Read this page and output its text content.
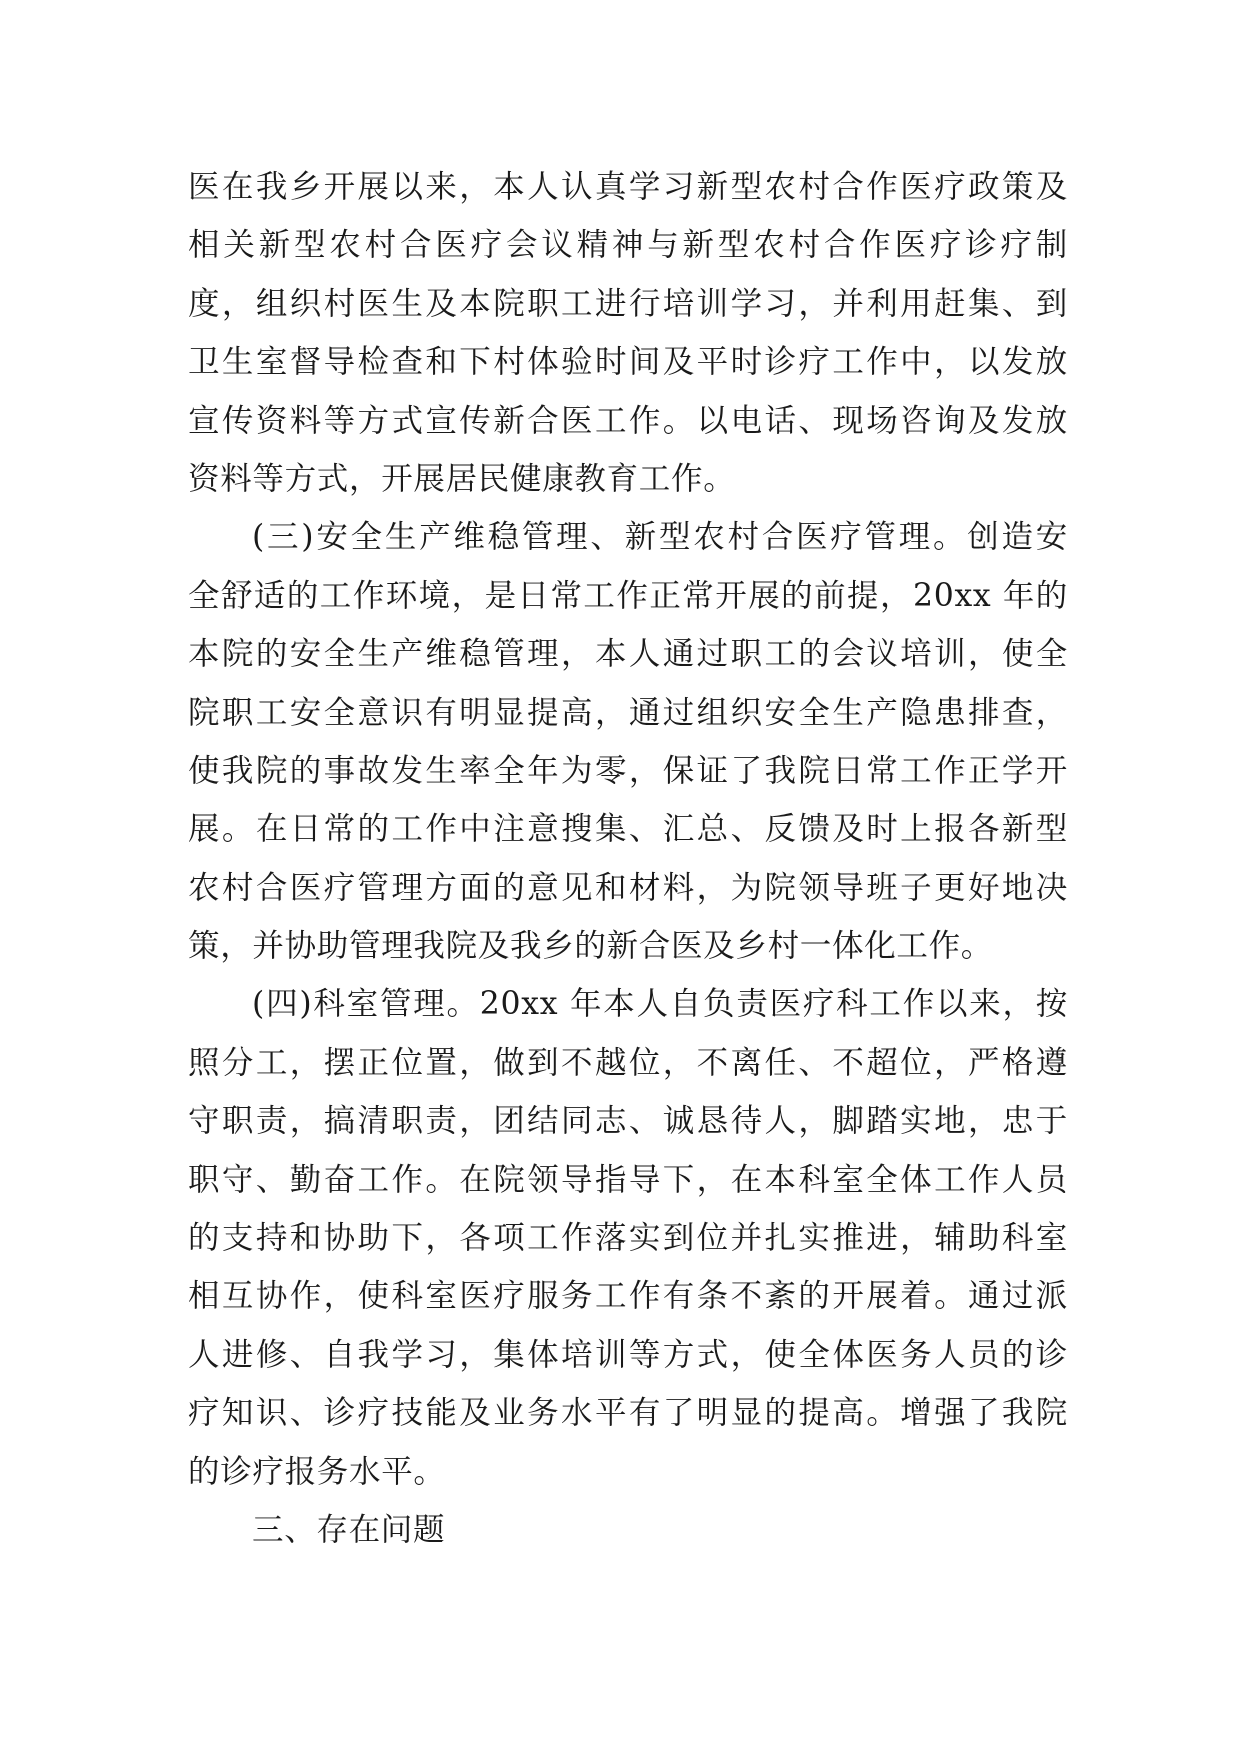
医在我乡开展以来，本人认真学习新型农村合作医疗政策及
相关新型农村合医疗会议精神与新型农村合作医疗诊疗制
度，组织村医生及本院职工进行培训学习，并利用赶集、到
卫生室督导检查和下村体验时间及平时诊疗工作中，以发放
宣传资料等方式宣传新合医工作。以电话、现场咨询及发放
资料等方式，开展居民健康教育工作。
(三)安全生产维稳管理、新型农村合医疗管理。创造安
全舒适的工作环境，是日常工作正常开展的前提，20xx 年的
本院的安全生产维稳管理，本人通过职工的会议培训，使全
院职工安全意识有明显提高，通过组织安全生产隐患排查，
使我院的事故发生率全年为零，保证了我院日常工作正学开
展。在日常的工作中注意搜集、汇总、反馈及时上报各新型
农村合医疗管理方面的意见和材料，为院领导班子更好地决
策，并协助管理我院及我乡的新合医及乡村一体化工作。
(四)科室管理。20xx 年本人自负责医疗科工作以来，按
照分工，摆正位置，做到不越位，不离任、不超位，严格遵
守职责，搞清职责，团结同志、诚恳待人，脚踏实地，忠于
职守、勤奋工作。在院领导指导下，在本科室全体工作人员
的支持和协助下，各项工作落实到位并扎实推进，辅助科室
相互协作，使科室医疗服务工作有条不紊的开展着。通过派
人进修、自我学习，集体培训等方式，使全体医务人员的诊
疗知识、诊疗技能及业务水平有了明显的提高。增强了我院
的诊疗报务水平。
三、存在问题
